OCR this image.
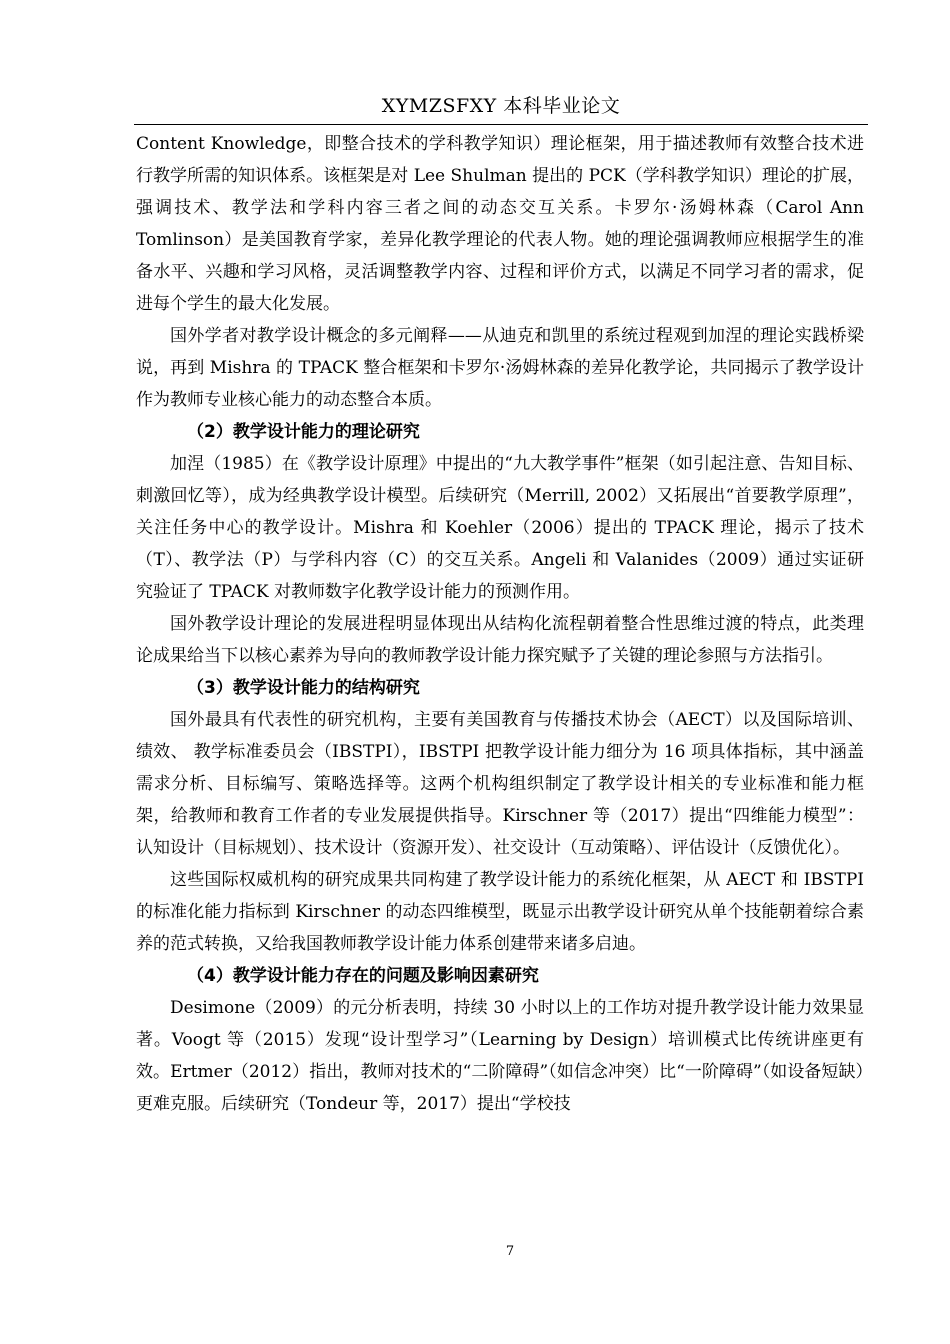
XYMZSFXY 本科毕业论文

Content Knowledge，即整合技术的学科教学知识）理论框架，用于描述教师有效整合技术进行教学所需的知识体系。该框架是对 Lee Shulman 提出的 PCK（学科教学知识）理论的扩展，强调技术、教学法和学科内容三者之间的动态交互关系。卡罗尔·汤姆林森（Carol Ann Tomlinson）是美国教育学家，差异化教学理论的代表人物。她的理论强调教师应根据学生的准备水平、兴趣和学习风格，灵活调整教学内容、过程和评价方式，以满足不同学习者的需求，促进每个学生的最大化发展。

国外学者对教学设计概念的多元阐释——从迪克和凯里的系统过程观到加涅的理论实践桥梁说，再到 Mishra 的 TPACK 整合框架和卡罗尔·汤姆林森的差异化教学论，共同揭示了教学设计作为教师专业核心能力的动态整合本质。

（2）教学设计能力的理论研究

加涅（1985）在《教学设计原理》中提出的“九大教学事件”框架（如引起注意、告知目标、刺激回忆等），成为经典教学设计模型。后续研究（Merrill, 2002）又拓展出“首要教学原理”，关注任务中心的教学设计。Mishra 和 Koehler（2006）提出的 TPACK 理论，揭示了技术（T）、教学法（P）与学科内容（C）的交互关系。Angeli 和 Valanides（2009）通过实证研究验证了 TPACK 对教师数字化教学设计能力的预测作用。

国外教学设计理论的发展进程明显体现出从结构化流程朝着整合性思维过渡的特点，此类理论成果给当下以核心素养为导向的教师教学设计能力探究赋予了关键的理论参照与方法指引。

（3）教学设计能力的结构研究

国外最具有代表性的研究机构，主要有美国教育与传播技术协会（AECT）以及国际培训、绩效、 教学标准委员会（IBSTPI），IBSTPI 把教学设计能力细分为 16 项具体指标，其中涵盖需求分析、目标编写、策略选择等。这两个机构组织制定了教学设计相关的专业标准和能力框架，给教师和教育工作者的专业发展提供指导。Kirschner 等（2017）提出“四维能力模型”：认知设计（目标规划）、技术设计（资源开发）、社交设计（互动策略）、评估设计（反馈优化）。

这些国际权威机构的研究成果共同构建了教学设计能力的系统化框架，从 AECT 和 IBSTPI 的标准化能力指标到 Kirschner 的动态四维模型，既显示出教学设计研究从单个技能朝着综合素养的范式转换，又给我国教师教学设计能力体系创建带来诸多启迪。

（4）教学设计能力存在的问题及影响因素研究

Desimone（2009）的元分析表明，持续 30 小时以上的工作坊对提升教学设计能力效果显著。Voogt 等（2015）发现“设计型学习”（Learning by Design）培训模式比传统讲座更有效。Ertmer（2012）指出，教师对技术的“二阶障碍”（如信念冲突）比“一阶障碍”（如设备短缺）更难克服。后续研究（Tondeur 等，2017）提出“学校技

7
